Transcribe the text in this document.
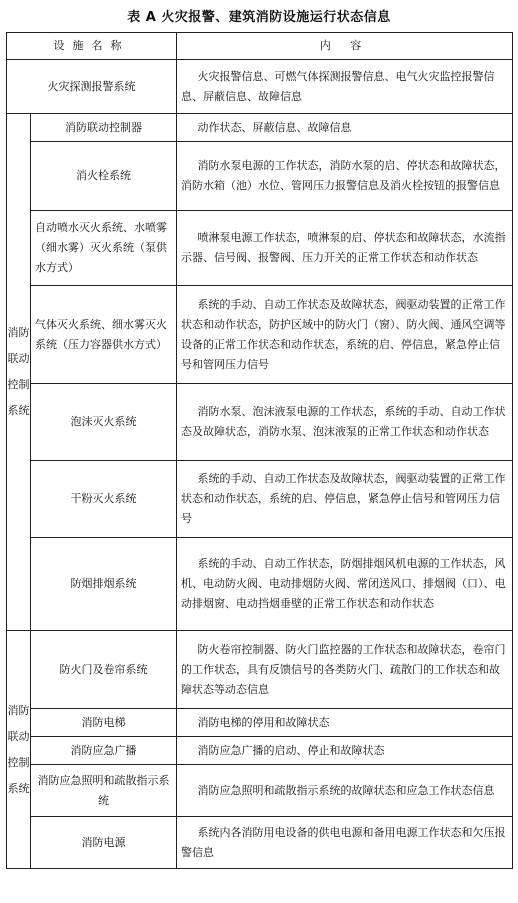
表 A 火灾报警、建筑消防设施运行状态信息
设施名称		内 容
火灾探测报警系统		火灾报警信息、可燃气体探测报警信息、电气火灾监控报警信息、屏蔽信息、故障信息
消防联动控制系统	消防联动控制器	动作状态、屏蔽信息、故障信息
	消火栓系统	消防水泵电源的工作状态，消防水泵的启、停状态和故障状态，消防水箱（池）水位、管网压力报警信息及消火栓按钮的报警信息
	自动喷水灭火系统、水喷雾（细水雾）灭火系统（泵供水方式）	喷淋泵电源工作状态，喷淋泵的启、停状态和故障状态，水流指示器、信号阀、报警阀、压力开关的正常工作状态和动作状态
	气体灭火系统、细水雾灭火系统（压力容器供水方式）	系统的手动、自动工作状态及故障状态，阀驱动装置的正常工作状态和动作状态，防护区域中的防火门（窗）、防火阀、通风空调等设备的正常工作状态和动作状态，系统的启、停信息，紧急停止信号和管网压力信号
	泡沫灭火系统	消防水泵、泡沫液泵电源的工作状态，系统的手动、自动工作状态及故障状态，消防水泵、泡沫液泵的正常工作状态和动作状态
	干粉灭火系统	系统的手动、自动工作状态及故障状态，阀驱动装置的正常工作状态和动作状态，系统的启、停信息，紧急停止信号和管网压力信号
	防烟排烟系统	系统的手动、自动工作状态，防烟排烟风机电源的工作状态，风机、电动防火阀、电动排烟防火阀、常闭送风口、排烟阀（口）、电动排烟窗、电动挡烟垂壁的正常工作状态和动作状态
消防联动控制系统	防火门及卷帘系统	防火卷帘控制器、防火门监控器的工作状态和故障状态，卷帘门的工作状态，具有反馈信号的各类防火门、疏散门的工作状态和故障状态等动态信息
	消防电梯	消防电梯的停用和故障状态
	消防应急广播	消防应急广播的启动、停止和故障状态
	消防应急照明和疏散指示系统	消防应急照明和疏散指示系统的故障状态和应急工作状态信息
	消防电源	系统内各消防用电设备的供电电源和备用电源工作状态和欠压报警信息
